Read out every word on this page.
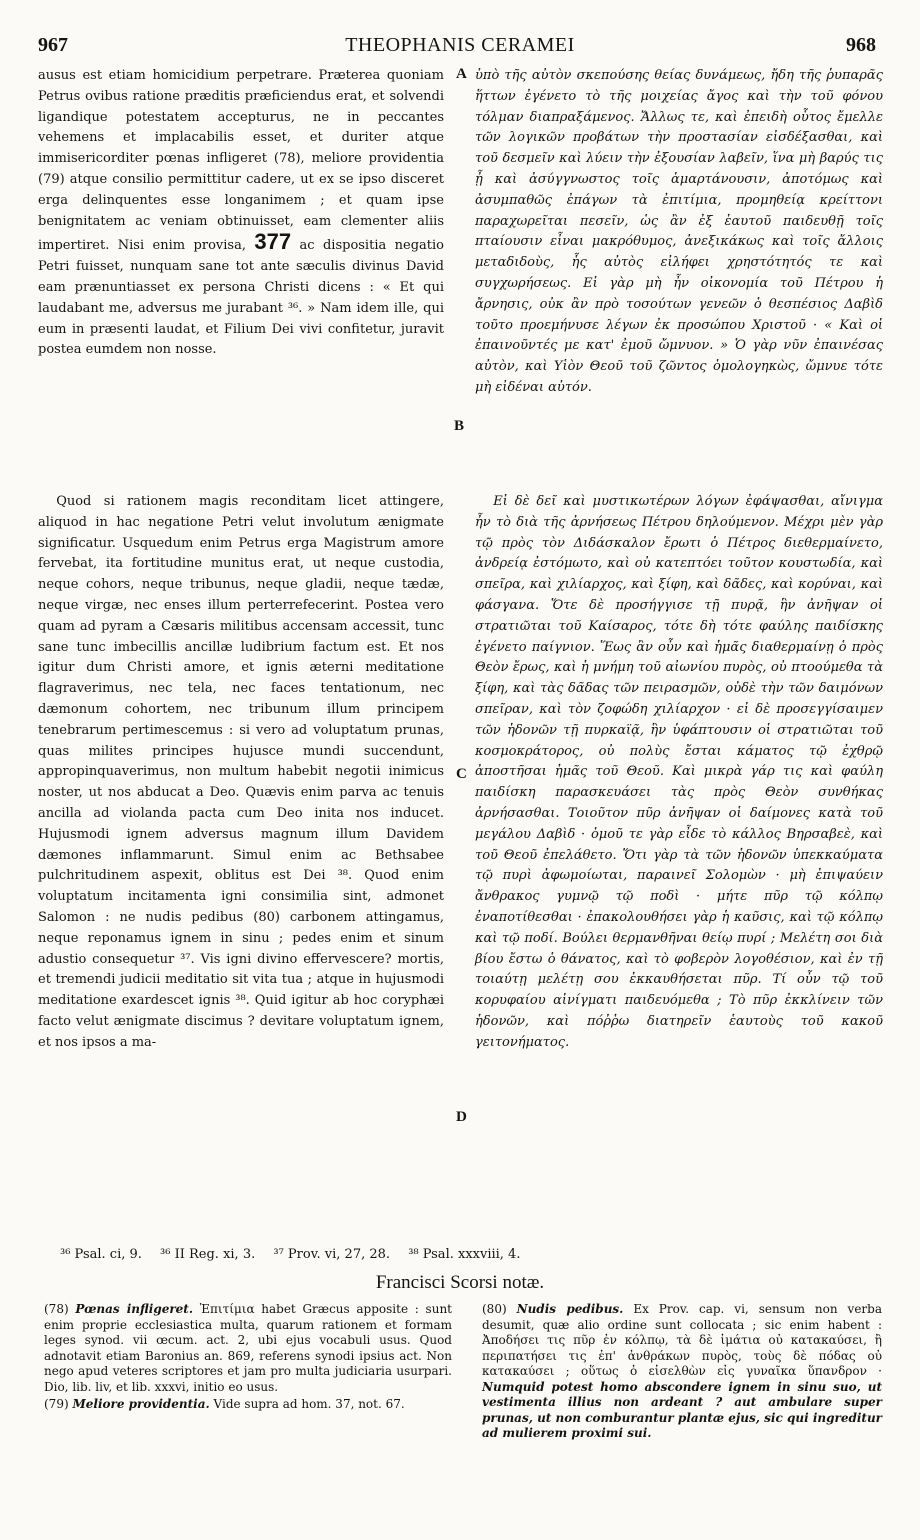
967	THEOPHANIS CERAMEI	968
A
B
C
D

ausus est etiam homicidium perpetrare. Præterea quoniam Petrus ovibus ratione præditis præficiendus erat, et solvendi ligandique potestatem accepturus, ne in peccantes vehemens et implacabilis esset, et duriter atque immisericorditer pœnas infligeret (78), meliore providentia (79) atque consilio permittitur cadere, ut ex se ipso disceret erga delinquentes esse longanimem ; et quam ipse benignitatem ac veniam obtinuisset, eam clementer aliis impertiret. Nisi enim provisa, 377 ac dispositia negatio Petri fuisset, nunquam sane tot ante sæculis divinus David eam prænuntiasset ex persona Christi dicens : « Et qui laudabant me, adversus me jurabant ³⁶. » Nam idem ille, qui eum in præsenti laudat, et Filium Dei vivi confitetur, juravit postea eumdem non nosse.

ὑπὸ τῆς αὐτὸν σκεπούσης θείας δυνάμεως, ἤδη τῆς ῥυπαρᾶς ἥττων ἐγένετο τὸ τῆς μοιχείας ἄγος καὶ τὴν τοῦ φόνου τόλμαν διαπραξάμενος. Ἄλλως τε, καὶ ἐπειδὴ οὗτος ἔμελλε τῶν λογικῶν προβάτων τὴν προστασίαν εἰσδέξασθαι, καὶ τοῦ δεσμεῖν καὶ λύειν τὴν ἐξουσίαν λαβεῖν, ἵνα μὴ βαρύς τις ᾖ καὶ ἀσύγγνωστος τοῖς ἁμαρτάνουσιν, ἀποτόμως καὶ ἀσυμπαθῶς ἐπάγων τὰ ἐπιτίμια, προμηθείᾳ κρείττονι παραχωρεῖται πεσεῖν, ὡς ἂν ἐξ ἑαυτοῦ παιδευθῇ τοῖς πταίουσιν εἶναι μακρόθυμος, ἀνεξικάκως καὶ τοῖς ἄλλοις μεταδιδοὺς, ἧς αὐτὸς εἰλήφει χρηστότητός τε καὶ συγχωρήσεως. Εἰ γὰρ μὴ ἦν οἰκονομία τοῦ Πέτρου ἡ ἄρνησις, οὐκ ἂν πρὸ τοσούτων γενεῶν ὁ θεσπέσιος Δαβὶδ τοῦτο προεμήνυσε λέγων ἐκ προσώπου Χριστοῦ · « Καὶ οἱ ἐπαινοῦντές με κατ' ἐμοῦ ὤμνυον. » Ὁ γὰρ νῦν ἐπαινέσας αὐτὸν, καὶ Υἱὸν Θεοῦ τοῦ ζῶντος ὁμολογηκὼς, ὤμνυε τότε μὴ εἰδέναι αὐτόν.

Quod si rationem magis reconditam licet attingere, aliquod in hac negatione Petri velut involutum ænigmate significatur. Usquedum enim Petrus erga Magistrum amore fervebat, ita fortitudine munitus erat, ut neque custodia, neque cohors, neque tribunus, neque gladii, neque tædæ, neque virgæ, nec enses illum perterrefecerint. Postea vero quam ad pyram a Cæsaris militibus accensam accessit, tunc sane tunc imbecillis ancillæ ludibrium factum est. Et nos igitur dum Christi amore, et ignis æterni meditatione flagraverimus, nec tela, nec faces tentationum, nec dæmonum cohortem, nec tribunum illum principem tenebrarum pertimescemus : si vero ad voluptatum prunas, quas milites principes hujusce mundi succendunt, appropinquaverimus, non multum habebit negotii inimicus noster, ut nos abducat a Deo. Quævis enim parva ac tenuis ancilla ad violanda pacta cum Deo inita nos inducet. Hujusmodi ignem adversus magnum illum Davidem dæmones inflammarunt. Simul enim ac Bethsabee pulchritudinem aspexit, oblitus est Dei ³⁸. Quod enim voluptatum incitamenta igni consimilia sint, admonet Salomon : ne nudis pedibus (80) carbonem attingamus, neque reponamus ignem in sinu ; pedes enim et sinum adustio consequetur ³⁷. Vis igni divino effervescere? mortis, et tremendi judicii meditatio sit vita tua ; atque in hujusmodi meditatione exardescet ignis ³⁸. Quid igitur ab hoc coryphæi facto velut ænigmate discimus ? devitare voluptatum ignem, et nos ipsos a ma-

Εἰ δὲ δεῖ καὶ μυστικωτέρων λόγων ἐφάψασθαι, αἴνιγμα ἦν τὸ διὰ τῆς ἀρνήσεως Πέτρου δηλούμενον. Μέχρι μὲν γὰρ τῷ πρὸς τὸν Διδάσκαλον ἔρωτι ὁ Πέτρος διεθερμαίνετο, ἀνδρείᾳ ἐστόμωτο, καὶ οὐ κατεπτόει τοῦτον κουστωδία, καὶ σπεῖρα, καὶ χιλίαρχος, καὶ ξίφη, καὶ δᾶδες, καὶ κορύναι, καὶ φάσγανα. Ὅτε δὲ προσήγγισε τῇ πυρᾷ, ἣν ἀνῆψαν οἱ στρατιῶται τοῦ Καίσαρος, τότε δὴ τότε φαύλης παιδίσκης ἐγένετο παίγνιον. Ἕως ἂν οὖν καὶ ἡμᾶς διαθερμαίνῃ ὁ πρὸς Θεὸν ἔρως, καὶ ἡ μνήμη τοῦ αἰωνίου πυρὸς, οὐ πτοούμεθα τὰ ξίφη, καὶ τὰς δᾶδας τῶν πειρασμῶν, οὐδὲ τὴν τῶν δαιμόνων σπεῖραν, καὶ τὸν ζοφώδη χιλίαρχον · εἰ δὲ προσεγγίσαιμεν τῶν ἡδονῶν τῇ πυρκαϊᾷ, ἣν ὑφάπτουσιν οἱ στρατιῶται τοῦ κοσμοκράτορος, οὐ πολὺς ἔσται κάματος τῷ ἐχθρῷ ἀποστῆσαι ἡμᾶς τοῦ Θεοῦ. Καὶ μικρὰ γάρ τις καὶ φαύλη παιδίσκη παρασκευάσει τὰς πρὸς Θεὸν συνθήκας ἀρνήσασθαι. Τοιοῦτον πῦρ ἀνῆψαν οἱ δαίμονες κατὰ τοῦ μεγάλου Δαβὶδ · ὁμοῦ τε γὰρ εἶδε τὸ κάλλος Βηρσαβεὲ, καὶ τοῦ Θεοῦ ἐπελάθετο. Ὅτι γὰρ τὰ τῶν ἡδονῶν ὑπεκκαύματα τῷ πυρὶ ἀφωμοίωται, παραινεῖ Σολομὼν · μὴ ἐπιψαύειν ἄνθρακος γυμνῷ τῷ ποδὶ · μήτε πῦρ τῷ κόλπῳ ἐναποτίθεσθαι · ἐπακολουθήσει γὰρ ἡ καῦσις, καὶ τῷ κόλπῳ καὶ τῷ ποδί. Βούλει θερμανθῆναι θείῳ πυρί ; Μελέτη σοι διὰ βίου ἔστω ὁ θάνατος, καὶ τὸ φοβερὸν λογοθέσιον, καὶ ἐν τῇ τοιαύτῃ μελέτῃ σου ἐκκαυθήσεται πῦρ. Τί οὖν τῷ τοῦ κορυφαίου αἰνίγματι παιδευόμεθα ; Τὸ πῦρ ἐκκλίνειν τῶν ἡδονῶν, καὶ πόῤῥω διατηρεῖν ἑαυτοὺς τοῦ κακοῦ γειτονήματος.

³⁶ Psal. ci, 9. ³⁶ II Reg. xi, 3. ³⁷ Prov. vi, 27, 28. ³⁸ Psal. xxxviii, 4.
Francisci Scorsi notæ.

(78) Pœnas infligeret. Ἐπιτίμια habet Græcus apposite : sunt enim proprie ecclesiastica multa, quarum rationem et formam leges synod. vii œcum. act. 2, ubi ejus vocabuli usus. Quod adnotavit etiam Baronius an. 869, referens synodi ipsius act. Non nego apud veteres scriptores et jam pro multa judiciaria usurpari. Dio, lib. liv, et lib. xxxvi, initio eo usus.

(79) Meliore providentia. Vide supra ad hom. 37, not. 67.

(80) Nudis pedibus. Ex Prov. cap. vi, sensum non verba desumit, quæ alio ordine sunt collocata ; sic enim habent : Ἀποδήσει τις πῦρ ἐν κόλπῳ, τὰ δὲ ἱμάτια οὐ κατακαύσει, ἢ περιπατήσει τις ἐπ' ἀνθράκων πυρὸς, τοὺς δὲ πόδας οὐ κατακαύσει ; οὕτως ὁ εἰσελθὼν εἰς γυναῖκα ὕπανδρον · Numquid potest homo abscondere ignem in sinu suo, ut vestimenta illius non ardeant ? aut ambulare super prunas, ut non comburantur plantæ ejus, sic qui ingreditur ad mulierem proximi sui.
